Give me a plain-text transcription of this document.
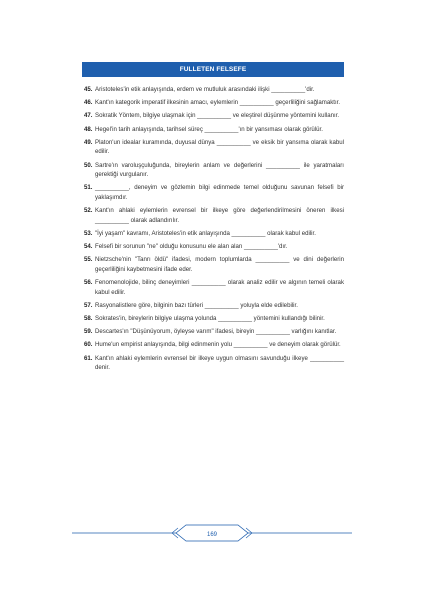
FULLETEN FELSEFE
45. Aristoteles'in etik anlayışında, erdem ve mutluluk arasındaki ilişki __________'dir.
46. Kant'ın kategorik imperatif ilkesinin amacı, eylemlerin __________ geçerliliğini sağlamaktır.
47. Sokratik Yöntem, bilgiye ulaşmak için __________ ve eleştirel düşünme yöntemini kullanır.
48. Hegel'in tarih anlayışında, tarihsel süreç __________'ın bir yansıması olarak görülür.
49. Platon'un idealar kuramında, duyusal dünya __________ ve eksik bir yansıma olarak kabul edilir.
50. Sartre'ın varoluşçuluğunda, bireylerin anlam ve değerlerini __________ ile yaratmaları gerektiği vurgulanır.
51. __________, deneyim ve gözlemin bilgi edinmede temel olduğunu savunan felsefi bir yaklaşımdır.
52. Kant'ın ahlaki eylemlerin evrensel bir ilkeye göre değerlendirilmesini öneren ilkesi __________ olarak adlandırılır.
53. "İyi yaşam" kavramı, Aristoteles'in etik anlayışında __________ olarak kabul edilir.
54. Felsefi bir sorunun "ne" olduğu konusunu ele alan alan __________'dır.
55. Nietzsche'nin "Tanrı öldü" ifadesi, modern toplumlarda __________ ve dini değerlerin geçerliliğini kaybetmesini ifade eder.
56. Fenomenolojide, bilinç deneyimleri __________ olarak analiz edilir ve algının temeli olarak kabul edilir.
57. Rasyonalistlere göre, bilginin bazı türleri __________ yoluyla elde edilebilir.
58. Sokrates'in, bireylerin bilgiye ulaşma yolunda __________ yöntemini kullandığı bilinir.
59. Descartes'ın "Düşünüyorum, öyleyse varım" ifadesi, bireyin __________ varlığını kanıtlar.
60. Hume'un empirist anlayışında, bilgi edinmenin yolu __________ ve deneyim olarak görülür.
61. Kant'ın ahlaki eylemlerin evrensel bir ilkeye uygun olmasını savunduğu ilkeye __________ denir.
169
